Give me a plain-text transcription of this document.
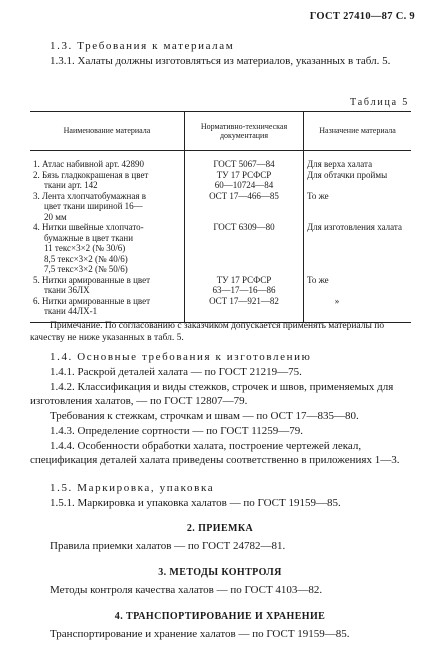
ГОСТ 27410—87 С. 9

1.3. Требования к материалам

1.3.1. Халаты должны изготовляться из материалов, указанных в табл. 5.

Таблица 5
Наименование материала	Нормативно-техническая документация	Назначение материала

1. Атлас набивной арт. 42890	ГОСТ 5067—84	Для верха халата

2. Бязь гладкокрашеная в цвет
ткани арт. 142	ТУ 17 РСФСР
60—10724—84	Для обтачки проймы

3. Лента хлопчатобумажная в
цвет ткани шириной 16—
20 мм	ОСТ 17—466—85	То же

4. Нитки швейные хлопчато-
бумажные в цвет ткани
11 текс×3×2 (№ 30/6)
8,5 текс×3×2 (№ 40/6)
7,5 текс×3×2 (№ 50/6)	ГОСТ 6309—80	Для изготовления халата

5. Нитки армированные в цвет
ткани 36ЛХ	ТУ 17 РСФСР
63—17—16—86	То же

6. Нитки армированные в цвет
ткани 44ЛХ-1	ОСТ 17—921—82	»

Примечание. По согласованию с заказчиком допускается применять материалы по качеству не ниже указанных в табл. 5.

1.4. Основные требования к изготовлению

1.4.1. Раскрой деталей халата — по ГОСТ 21219—75.

1.4.2. Классификация и виды стежков, строчек и швов, применяемых для изготовления халатов, — по ГОСТ 12807—79.

Требования к стежкам, строчкам и швам — по ОСТ 17—835—80.

1.4.3. Определение сортности — по ГОСТ 11259—79.

1.4.4. Особенности обработки халата, построение чертежей лекал, спецификация деталей халата приведены соответственно в приложениях 1—3.

1.5. Маркировка, упаковка

1.5.1. Маркировка и упаковка халатов — по ГОСТ 19159—85.

2. ПРИЕМКА

Правила приемки халатов — по ГОСТ 24782—81.

3. МЕТОДЫ КОНТРОЛЯ

Методы контроля качества халатов — по ГОСТ 4103—82.

4. ТРАНСПОРТИРОВАНИЕ И ХРАНЕНИЕ

Транспортирование и хранение халатов — по ГОСТ 19159—85.
